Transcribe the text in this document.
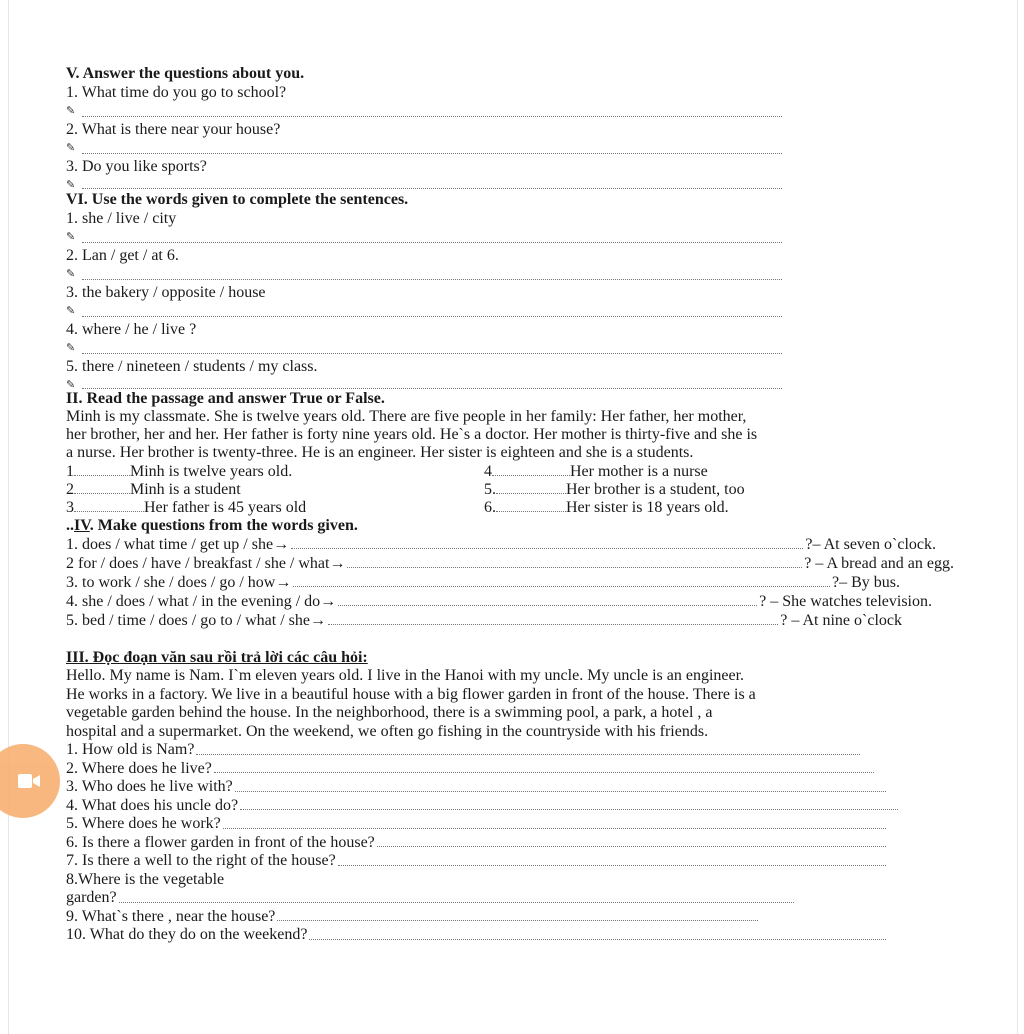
V. Answer the questions about you.
1. What time do you go to school?
✎
2. What is there near your house?
✎
3. Do you like sports?
✎
VI. Use the words given to complete the sentences.
1. she / live / city
✎
2. Lan / get / at 6.
✎
3. the bakery / opposite / house
✎
4. where / he / live ?
✎
5. there / nineteen / students / my class.
✎
II. Read the passage and answer True or False.
Minh is my classmate. She is twelve years old. There are five people in her family: Her father, her mother,
her brother, her and her. Her father is forty nine years old. He`s a doctor. Her mother is thirty-five and she is
a nurse. Her brother is twenty-three. He is an engineer. Her sister is eighteen and she is a students.
1	Minh is twelve years old.	4	Her mother is a nurse
2	Minh is a student	5.	Her brother is a student, too
3	Her father is 45 years old	6.	Her sister is 18 years old.
..IV. Make questions from the words given.
1. does / what time / get up / she→	?– At seven o`clock.
2 for / does / have / breakfast / she / what→	? – A bread and an egg.
3. to work / she / does / go / how→	?– By bus.
4. she / does / what / in the evening / do→	? – She watches television.
5. bed / time / does / go to / what / she→	? – At nine o`clock
III. Đọc đoạn văn sau rồi trả lời các câu hỏi:
Hello. My name is Nam. I`m eleven years old. I live in the Hanoi with my uncle. My uncle is an engineer.
He works in a factory. We live in a beautiful house with a big flower garden in front of the house. There is a
vegetable garden behind the house. In the neighborhood, there is a swimming pool, a park, a hotel , a
hospital and a supermarket. On the weekend, we often go fishing in the countryside with his friends.
1. How old is Nam?
2. Where does he live?
3. Who does he live with?
4. What does his uncle do?
5. Where does he work?
6. Is there a flower garden in front of the house?
7. Is there a well to the right of the house?
8.Where is the vegetable
garden?
9. What`s there , near the house?
10. What do they do on the weekend?
